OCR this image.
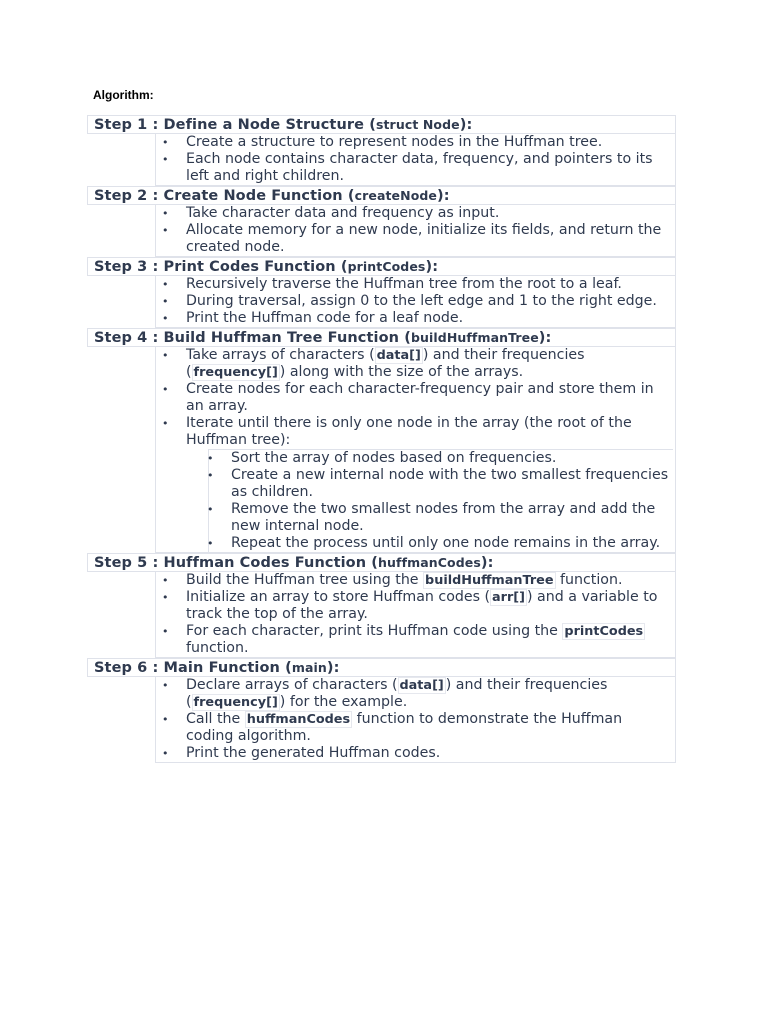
Algorithm:
Step 1 : Define a Node Structure (struct Node):
• Create a structure to represent nodes in the Huffman tree.
• Each node contains character data, frequency, and pointers to its left and right children.
Step 2 : Create Node Function (createNode):
• Take character data and frequency as input.
• Allocate memory for a new node, initialize its fields, and return the created node.
Step 3 : Print Codes Function (printCodes):
• Recursively traverse the Huffman tree from the root to a leaf.
• During traversal, assign 0 to the left edge and 1 to the right edge.
• Print the Huffman code for a leaf node.
Step 4 : Build Huffman Tree Function (buildHuffmanTree):
• Take arrays of characters ( data[] ) and their frequencies ( frequency[] ) along with the size of the arrays.
• Create nodes for each character-frequency pair and store them in an array.
• Iterate until there is only one node in the array (the root of the Huffman tree):
• Sort the array of nodes based on frequencies.
• Create a new internal node with the two smallest frequencies as children.
• Remove the two smallest nodes from the array and add the new internal node.
• Repeat the process until only one node remains in the array.
Step 5 : Huffman Codes Function (huffmanCodes):
• Build the Huffman tree using the buildHuffmanTree function.
• Initialize an array to store Huffman codes ( arr[] ) and a variable to track the top of the array.
• For each character, print its Huffman code using the printCodes function.
Step 6 : Main Function (main):
• Declare arrays of characters ( data[] ) and their frequencies ( frequency[] ) for the example.
• Call the huffmanCodes function to demonstrate the Huffman coding algorithm.
• Print the generated Huffman codes.
